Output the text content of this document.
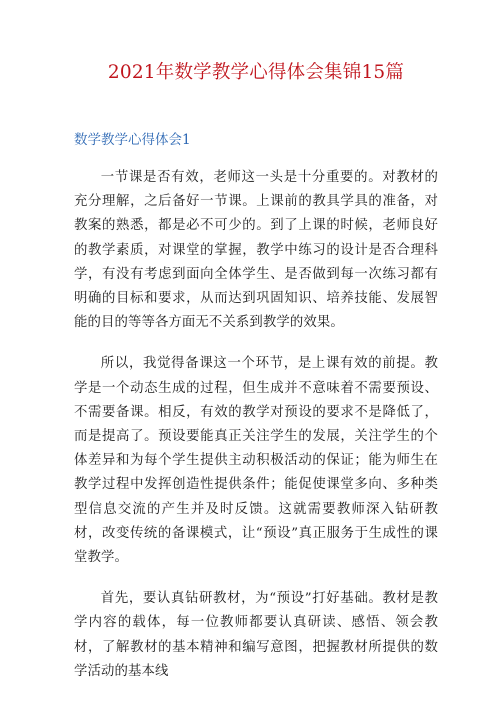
2021年数学教学心得体会集锦15篇
数学教学心得体会1

一节课是否有效，老师这一头是十分重要的。对教材的充分理解，之后备好一节课。上课前的教具学具的准备，对教案的熟悉，都是必不可少的。到了上课的时候，老师良好的教学素质，对课堂的掌握，教学中练习的设计是否合理科学，有没有考虑到面向全体学生、是否做到每一次练习都有明确的目标和要求，从而达到巩固知识、培养技能、发展智能的目的等等各方面无不关系到教学的效果。

所以，我觉得备课这一个环节，是上课有效的前提。教学是一个动态生成的过程，但生成并不意味着不需要预设、不需要备课。相反，有效的教学对预设的要求不是降低了，而是提高了。预设要能真正关注学生的发展，关注学生的个体差异和为每个学生提供主动积极活动的保证；能为师生在教学过程中发挥创造性提供条件；能促使课堂多向、多种类型信息交流的产生并及时反馈。这就需要教师深入钻研教材，改变传统的备课模式，让“预设”真正服务于生成性的课堂教学。

首先，要认真钻研教材，为“预设”打好基础。教材是教学内容的载体，每一位教师都要认真研读、感悟、领会教材，了解教材的基本精神和编写意图，把握教材所提供的数学活动的基本线
